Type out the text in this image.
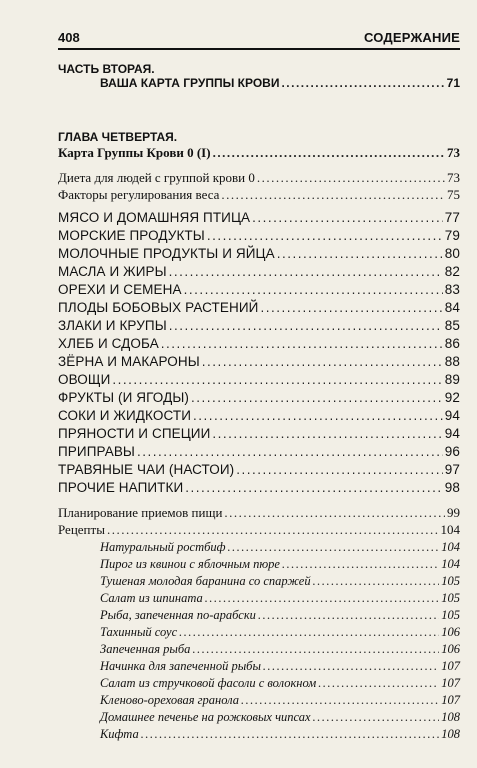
408	СОДЕРЖАНИЕ
ЧАСТЬ ВТОРАЯ.
ВАША КАРТА ГРУППЫ КРОВИ .....	71
ГЛАВА ЧЕТВЕРТАЯ.
Карта Группы Крови 0 (I) .....	73
Диета для людей с группой крови 0 .....	73
Факторы регулирования веса .....	75
МЯСО И ДОМАШНЯЯ ПТИЦА .....	77
МОРСКИЕ ПРОДУКТЫ .....	79
МОЛОЧНЫЕ ПРОДУКТЫ И ЯЙЦА .....	80
МАСЛА И ЖИРЫ .....	82
ОРЕХИ И СЕМЕНА .....	83
ПЛОДЫ БОБОВЫХ РАСТЕНИЙ .....	84
ЗЛАКИ И КРУПЫ .....	85
ХЛЕБ И СДОБА .....	86
ЗЁРНА И МАКАРОНЫ .....	88
ОВОЩИ .....	89
ФРУКТЫ (И ЯГОДЫ) .....	92
СОКИ И ЖИДКОСТИ .....	94
ПРЯНОСТИ И СПЕЦИИ .....	94
ПРИПРАВЫ .....	96
ТРАВЯНЫЕ ЧАИ (НАСТОИ) .....	97
ПРОЧИЕ НАПИТКИ .....	98
Планирование приемов пищи .....	99
Рецепты .....	104
Натуральный ростбиф .....	104
Пирог из квинои с яблочным пюре .....	104
Тушеная молодая баранина со спаржей .....	105
Салат из шпината .....	105
Рыба, запеченная по-арабски .....	105
Тахинный соус .....	106
Запеченная рыба .....	106
Начинка для запеченной рыбы .....	107
Салат из стручковой фасоли с волокном .....	107
Кленово-ореховая гранола .....	107
Домашнее печенье на рожковых чипсах .....	108
Кифта .....	108
